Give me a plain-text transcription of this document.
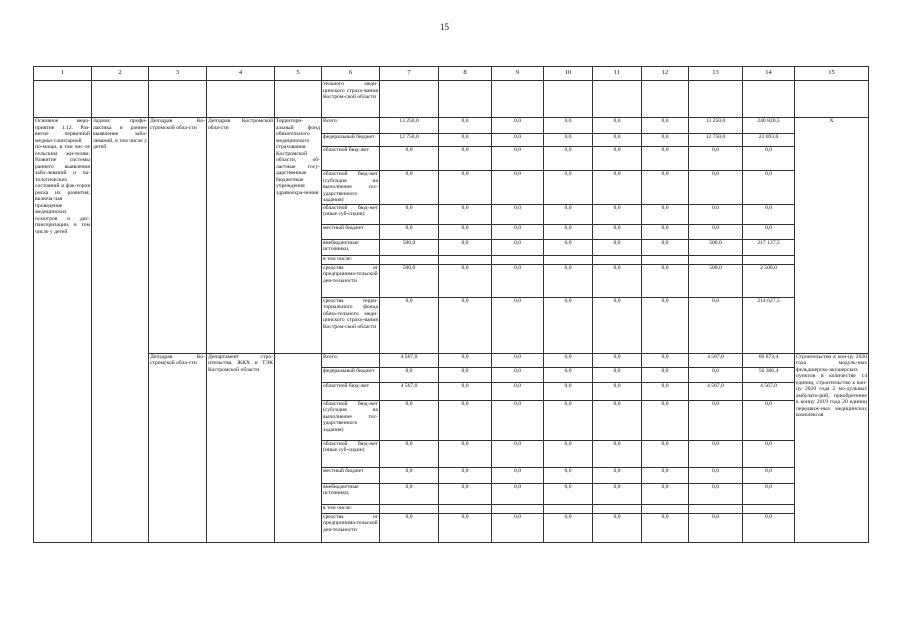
15
1	2	3	4	5	6	7	8	9	10	11	12	13	14	15
					тельного меди-цинского страхо-вания Костром-ской области									
Основное меро-приятие 1.12. Раз-витие первичной медико-санитарной по-мощи, в том чис-ле сельским жи-телям. Развитие системы раннего выявления забо-леваний и па-тологических состояний и фак-торов риска их развития, включа-чая проведение медицинских осмотров и дис-пансеризации, в том числе у детей	Задачи: профи-лактика и раннее выявление забо-леваний, в том числе у детей	Депздрав Ко-стромской обла-сти	Депздрав Костромской обла-сти	Территори-альный фонд обязательного медицинского страхования Костромской области, об-ластные госу-дарственные бюджетные учреждения здравоохра-нения	Всего:	13 250,0	0,0	0,0	0,0	0,0	0,0	13 250,0	240 820,5	X
					федеральный бюджет	12 750,0	0,0	0,0	0,0	0,0	0,0	12 750,0	23 693,0	
					областной бюд-жет	0,0	0,0	0,0	0,0	0,0	0,0	0,0	0,0	
					областной бюд-жет (субсидия на выполнение гос-ударственного задания)	0,0	0,0	0,0	0,0	0,0	0,0	0,0	0,0	
					областной бюд-жет (иные суб-сидии)	0,0	0,0	0,0	0,0	0,0	0,0	0,0	0,0	
					местный бюджет	0,0	0,0	0,0	0,0	0,0	0,0	0,0	0,0	
					внебюджетные источники,	500,0	0,0	0,0	0,0	0,0	0,0	500,0	217 127,5	
					в том числе:									
					средства от предпринима-тельской дея-тельности	500,0	0,0	0,0	0,0	0,0	0,0	500,0	2 500,0	
					средства терри-ториального фонда обяза-тельного меди-цинского страхо-вания Костром-ской области	0,0	0,0	0,0	0,0	0,0	0,0	0,0	214 627,5	
		Депздрав Ко-стромской обла-сти	Департамент стро-ительства, ЖКХ и ТЭК Костромской области		Всего:	4 567,0	0,0	0,0	0,0	0,0	0,0	4 567,0	60 873,4	Строительство к кон-цу 2020 года модуль-ных фельдшерско-акушерских пунктов в количестве 14 единиц, строительство к кон-цу 2020 года 2 мо-дульных амбулато-рий, приобретение к концу 2019 года 20 единиц передвиж-ных медицинских комплексов
					федеральный бюджет	0,0	0,0	0,0	0,0	0,0	0,0	0,0	56 306,4	
					областной бюд-жет	4 567,0	0,0	0,0	0,0	0,0	0,0	4 567,0	4 567,0	
					областной бюд-жет (субсидия на выполнение гос-ударственного задания)	0,0	0,0	0,0	0,0	0,0	0,0	0,0	0,0	
					областной бюд-жет (иные суб-сидии)	0,0	0,0	0,0	0,0	0,0	0,0	0,0	0,0	
					местный бюджет	0,0	0,0	0,0	0,0	0,0	0,0	0,0	0,0	
					внебюджетные источники,	0,0	0,0	0,0	0,0	0,0	0,0	0,0	0,0	
					в том числе:									
					средства от предпринима-тельской дея-тельности	0,0	0,0	0,0	0,0	0,0	0,0	0,0	0,0	
